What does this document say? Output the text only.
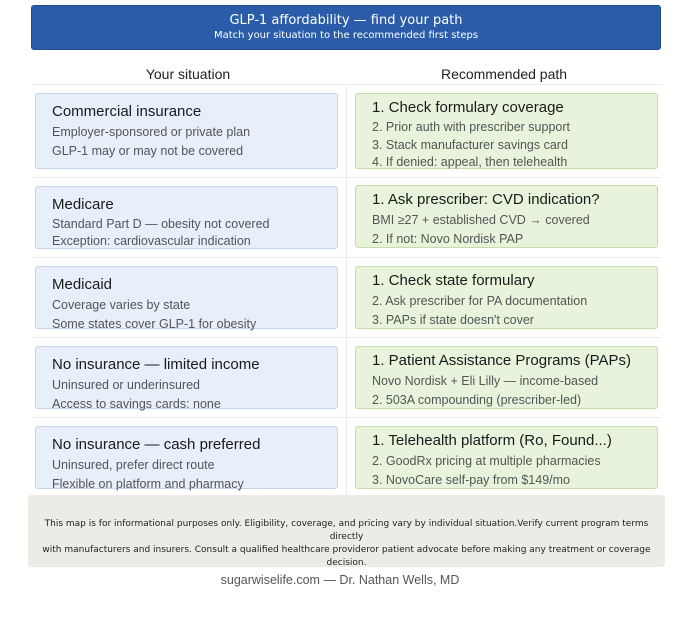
GLP-1 affordability — find your path
Match your situation to the recommended first steps
Your situation	Recommended path
Commercial insurance
Employer-sponsored or private plan
GLP-1 may or may not be covered
1. Check formulary coverage
2. Prior auth with prescriber support
3. Stack manufacturer savings card
4. If denied: appeal, then telehealth
Medicare
Standard Part D — obesity not covered
Exception: cardiovascular indication
1. Ask prescriber: CVD indication?
BMI ≥27 + established CVD → covered
2. If not: Novo Nordisk PAP
Medicaid
Coverage varies by state
Some states cover GLP-1 for obesity
1. Check state formulary
2. Ask prescriber for PA documentation
3. PAPs if state doesn't cover
No insurance — limited income
Uninsured or underinsured
Access to savings cards: none
1. Patient Assistance Programs (PAPs)
Novo Nordisk + Eli Lilly — income-based
2. 503A compounding (prescriber-led)
No insurance — cash preferred
Uninsured, prefer direct route
Flexible on platform and pharmacy
1. Telehealth platform (Ro, Found...)
2. GoodRx pricing at multiple pharmacies
3. NovoCare self-pay from $149/mo
This map is for informational purposes only. Eligibility, coverage, and pricing vary by individual situation.Verify current program terms directly
with manufacturers and insurers. Consult a qualified healthcare provideror patient advocate before making any treatment or coverage decision.
sugarwiselife.com — Dr. Nathan Wells, MD
